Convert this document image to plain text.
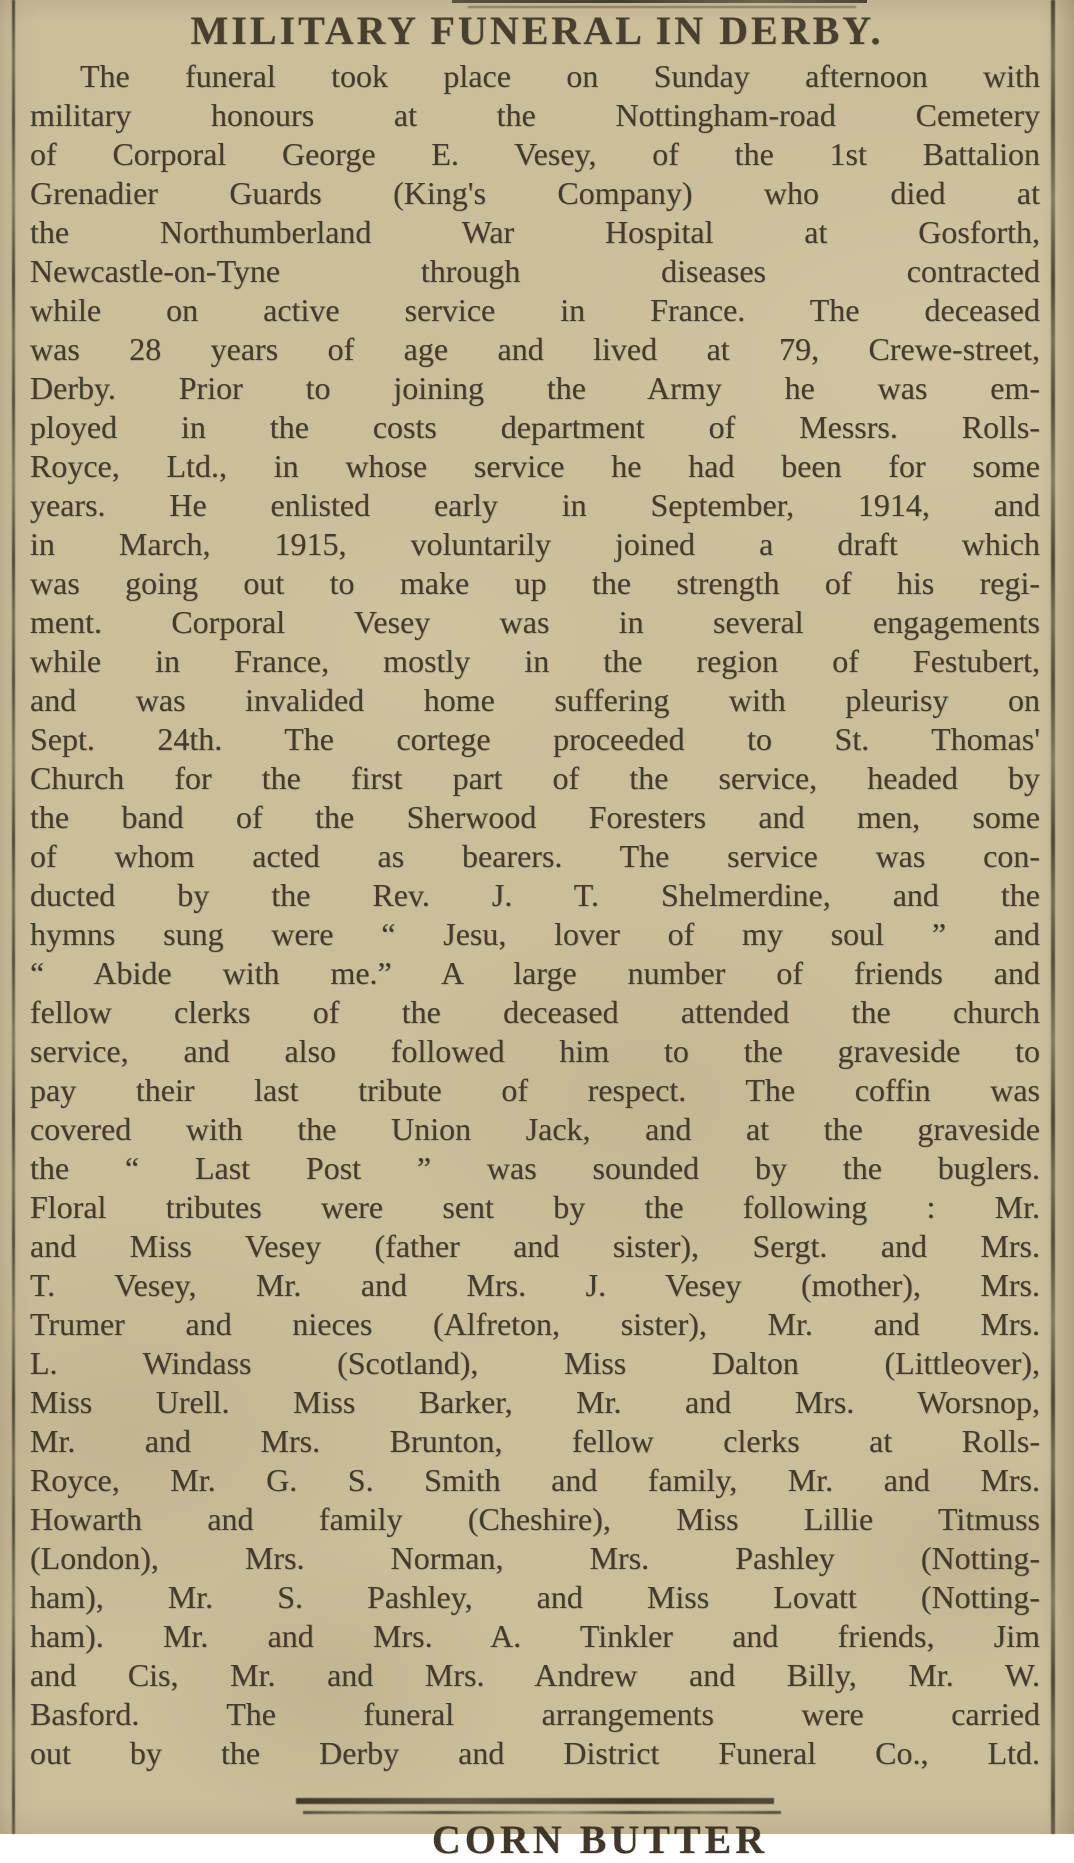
MILITARY FUNERAL IN DERBY.
The funeral took place on Sunday afternoon with
military honours at the Nottingham-road Cemetery
of Corporal George E. Vesey, of the 1st Battalion
Grenadier Guards (King's Company) who died at
the Northumberland War Hospital at Gosforth,
Newcastle-on-Tyne through diseases contracted
while on active service in France. The deceased
was 28 years of age and lived at 79, Crewe-street,
Derby. Prior to joining the Army he was em-
ployed in the costs department of Messrs. Rolls-
Royce, Ltd., in whose service he had been for some
years. He enlisted early in September, 1914, and
in March, 1915, voluntarily joined a draft which
was going out to make up the strength of his regi-
ment. Corporal Vesey was in several engagements
while in France, mostly in the region of Festubert,
and was invalided home suffering with pleurisy on
Sept. 24th. The cortege proceeded to St. Thomas'
Church for the first part of the service, headed by
the band of the Sherwood Foresters and men, some
of whom acted as bearers. The service was con-
ducted by the Rev. J. T. Shelmerdine, and the
hymns sung were “ Jesu, lover of my soul ” and
“ Abide with me.” A large number of friends and
fellow clerks of the deceased attended the church
service, and also followed him to the graveside to
pay their last tribute of respect. The coffin was
covered with the Union Jack, and at the graveside
the “ Last Post ” was sounded by the buglers.
Floral tributes were sent by the following : Mr.
and Miss Vesey (father and sister), Sergt. and Mrs.
T. Vesey, Mr. and Mrs. J. Vesey (mother), Mrs.
Trumer and nieces (Alfreton, sister), Mr. and Mrs.
L. Windass (Scotland), Miss Dalton (Littleover),
Miss Urell. Miss Barker, Mr. and Mrs. Worsnop,
Mr. and Mrs. Brunton, fellow clerks at Rolls-
Royce, Mr. G. S. Smith and family, Mr. and Mrs.
Howarth and family (Cheshire), Miss Lillie Titmuss
(London), Mrs. Norman, Mrs. Pashley (Notting-
ham), Mr. S. Pashley, and Miss Lovatt (Notting-
ham). Mr. and Mrs. A. Tinkler and friends, Jim
and Cis, Mr. and Mrs. Andrew and Billy, Mr. W.
Basford. The funeral arrangements were carried
out by the Derby and District Funeral Co., Ltd.
CORN BUTTER
